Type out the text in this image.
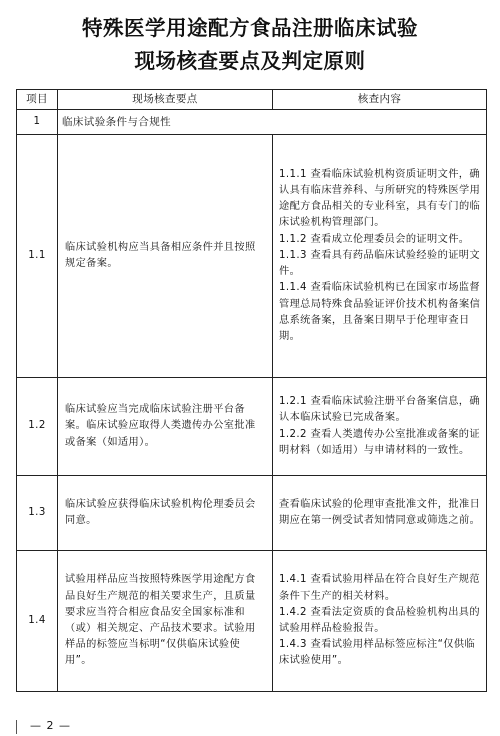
特殊医学用途配方食品注册临床试验
现场核查要点及判定原则
项目	现场核查要点	核查内容
1	临床试验条件与合规性	
1.1	临床试验机构应当具备相应条件并且按照规定备案。	1.1.1 查看临床试验机构资质证明文件，确认具有临床营养科、与所研究的特殊医学用途配方食品相关的专业科室，具有专门的临床试验机构管理部门。
1.1.2 查看成立伦理委员会的证明文件。
1.1.3 查看具有药品临床试验经验的证明文件。
1.1.4 查看临床试验机构已在国家市场监督管理总局特殊食品验证评价技术机构备案信息系统备案，且备案日期早于伦理审查日期。

1.2	临床试验应当完成临床试验注册平台备案。临床试验应取得人类遗传办公室批准或备案（如适用）。	1.2.1 查看临床试验注册平台备案信息，确认本临床试验已完成备案。
1.2.2 查看人类遗传办公室批准或备案的证明材料（如适用）与申请材料的一致性。

1.3	临床试验应获得临床试验机构伦理委员会同意。	查看临床试验的伦理审查批准文件，批准日期应在第一例受试者知情同意或筛选之前。

1.4	试验用样品应当按照特殊医学用途配方食品良好生产规范的相关要求生产，且质量要求应当符合相应食品安全国家标准和（或）相关规定、产品技术要求。试验用样品的标签应当标明“仅供临床试验使用”。	1.4.1 查看试验用样品在符合良好生产规范条件下生产的相关材料。
1.4.2 查看法定资质的食品检验机构出具的试验用样品检验报告。
1.4.3 查看试验用样品标签应标注“仅供临床试验使用”。
— 2 —
